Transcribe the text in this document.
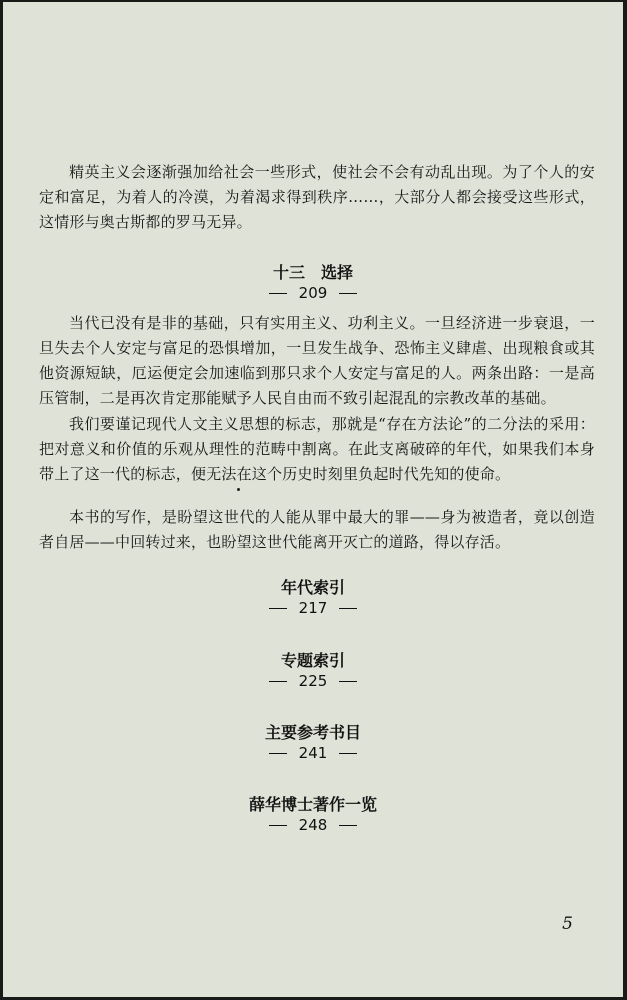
精英主义会逐渐强加给社会一些形式，使社会不会有动乱出现。为了个人的安定和富足，为着人的冷漠，为着渴求得到秩序……，大部分人都会接受这些形式，这情形与奥古斯都的罗马无异。

十三　选择

209

当代已没有是非的基础，只有实用主义、功利主义。一旦经济进一步衰退，一旦失去个人安定与富足的恐惧增加，一旦发生战争、恐怖主义肆虐、出现粮食或其他资源短缺，厄运便定会加速临到那只求个人安定与富足的人。两条出路：一是高压管制，二是再次肯定那能赋予人民自由而不致引起混乱的宗教改革的基础。

我们要谨记现代人文主义思想的标志，那就是“存在方法论”的二分法的采用：把对意义和价值的乐观从理性的范畴中割离。在此支离破碎的年代，如果我们本身带上了这一代的标志，便无法在这个历史时刻里负起时代先知的使命。

本书的写作，是盼望这世代的人能从罪中最大的罪——身为被造者，竟以创造者自居——中回转过来，也盼望这世代能离开灭亡的道路，得以存活。

年代索引

217

专题索引

225

主要参考书目

241

薛华博士著作一览

248

5
